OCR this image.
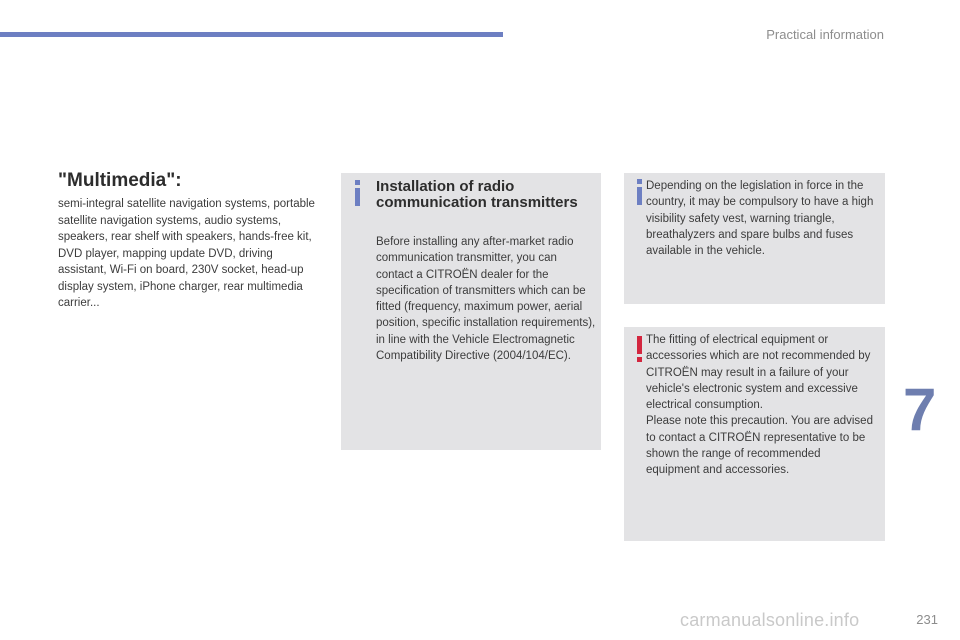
Practical information
"Multimedia":

semi-integral satellite navigation systems, portable satellite navigation systems, audio systems, speakers, rear shelf with speakers, hands-free kit, DVD player, mapping update DVD, driving assistant, Wi-Fi on board, 230V socket, head-up display system, iPhone charger, rear multimedia carrier...

Installation of radio communication transmitters

Before installing any after-market radio communication transmitter, you can contact a CITROËN dealer for the specification of transmitters which can be fitted (frequency, maximum power, aerial position, specific installation requirements), in line with the Vehicle Electromagnetic Compatibility Directive (2004/104/EC).

Depending on the legislation in force in the country, it may be compulsory to have a high visibility safety vest, warning triangle, breathalyzers and spare bulbs and fuses available in the vehicle.

The fitting of electrical equipment or accessories which are not recommended by CITROËN may result in a failure of your vehicle's electronic system and excessive electrical consumption.
Please note this precaution. You are advised to contact a CITROËN representative to be shown the range of recommended equipment and accessories.
7
carmanualsonline.info	231
